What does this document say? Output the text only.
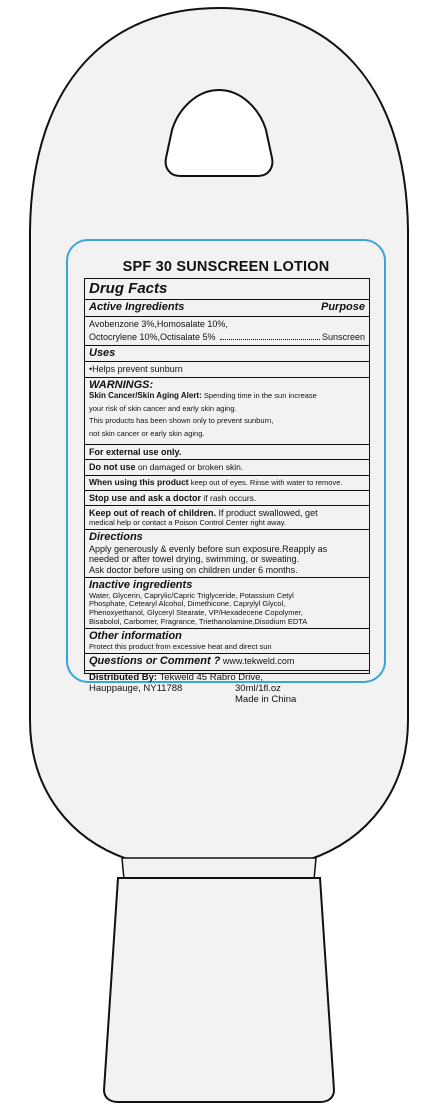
SPF 30 SUNSCREEN LOTION
Drug Facts
Active Ingredients	Purpose
Avobenzone 3%,Homosalate 10%,
Octocrylene 10%,Octisalate 5%	Sunscreen
Uses
•Helps prevent sunburn
WARNINGS:
Skin Cancer/Skin Aging Alert: Spending time in the sun increase
your risk of skin cancer and early skin aging.
This products has been shown only to prevent sunburn,
not skin cancer or early skin aging.
For external use only.
Do not use on damaged or broken skin.
When using this product keep out of eyes. Rinse with water to remove.
Stop use and ask a doctor if rash occurs.
Keep out of reach of children. If product swallowed, get
medical help or contact a Poison Control Center right away.
Directions
Apply generously & evenly before sun exposure.Reapply as
needed or after towel drying, swimming, or sweating.
Ask doctor before using on children under 6 months.
Inactive ingredients
Water, Glycerin, Caprylic/Capric Triglyceride, Potassium Cetyl
Phosphate, Cetearyl Alcohol, Dimethicone, Caprylyl Glycol,
Phenoxyethanol, Glyceryl Stearate, VP/Hexadecene Copolymer,
Bisabolol, Carbomer, Fragrance, Triethanolamine,Disodium EDTA
Other information
Protect this product from excessive heat and direct sun
Questions or Comment ? www.tekweld.com
Distributed By: Tekweld 45 Rabro Drive,
Hauppauge, NY11788	30ml/1fl.oz
Made in China
